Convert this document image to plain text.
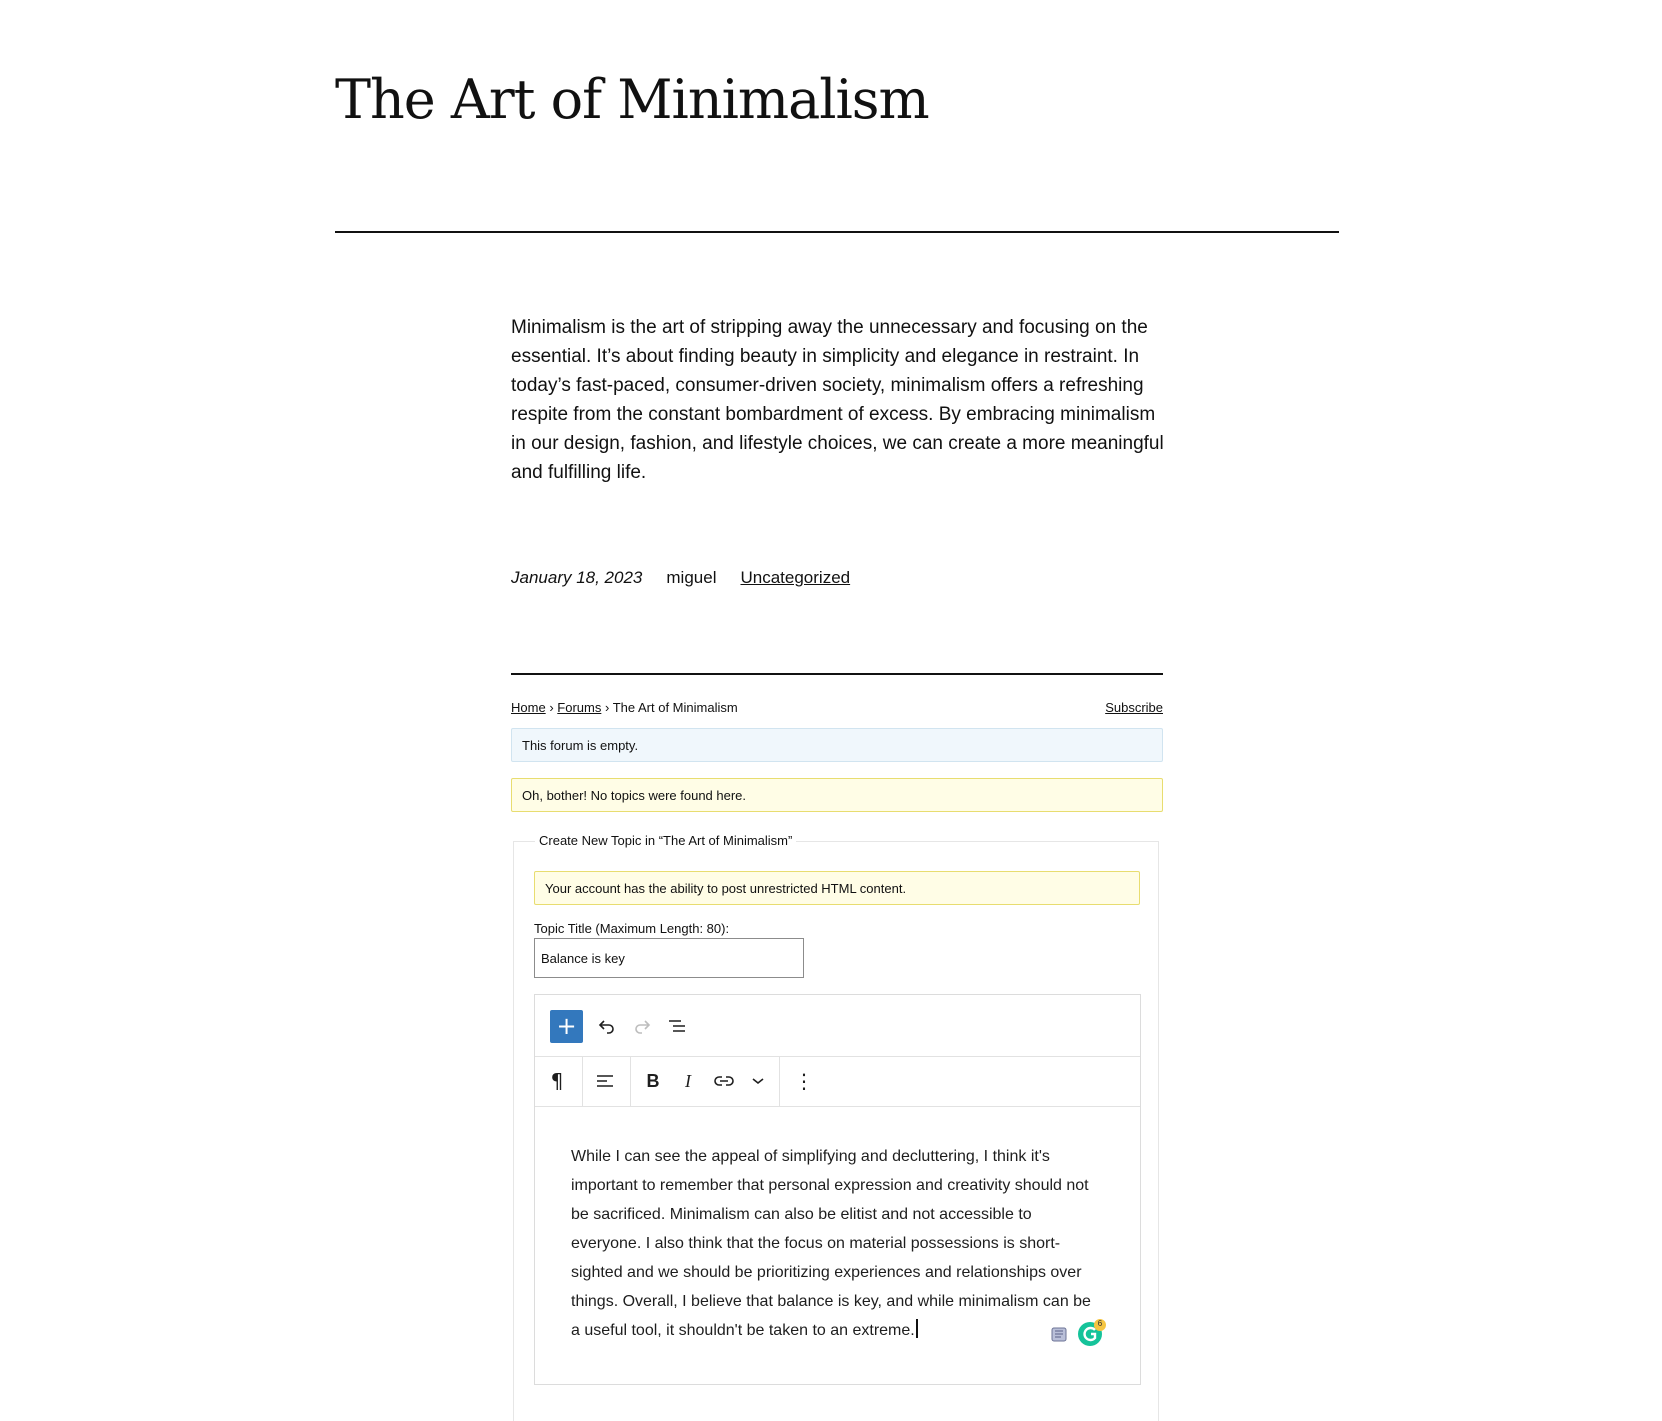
The Art of Minimalism

Minimalism is the art of stripping away the unnecessary and focusing on the essential. It’s about finding beauty in simplicity and elegance in restraint. In today’s fast-paced, consumer-driven society, minimalism offers a refreshing respite from the constant bombardment of excess. By embracing minimalism in our design, fashion, and lifestyle choices, we can create a more meaningful and fulfilling life.

January 18, 2023 miguel Uncategorized
Home › Forums › The Art of Minimalism	Subscribe
This forum is empty.
Oh, bother! No topics were found here.
Create New Topic in “The Art of Minimalism”
Your account has the ability to post unrestricted HTML content.
Topic Title (Maximum Length: 80):
Balance is key
+
¶	B	I	⋮

While I can see the appeal of simplifying and decluttering, I think it's important to remember that personal expression and creativity should not be sacrificed. Minimalism can also be elitist and not accessible to everyone. I also think that the focus on material possessions is short-sighted and we should be prioritizing experiences and relationships over things. Overall, I believe that balance is key, and while minimalism can be a useful tool, it shouldn't be taken to an extreme.	6
